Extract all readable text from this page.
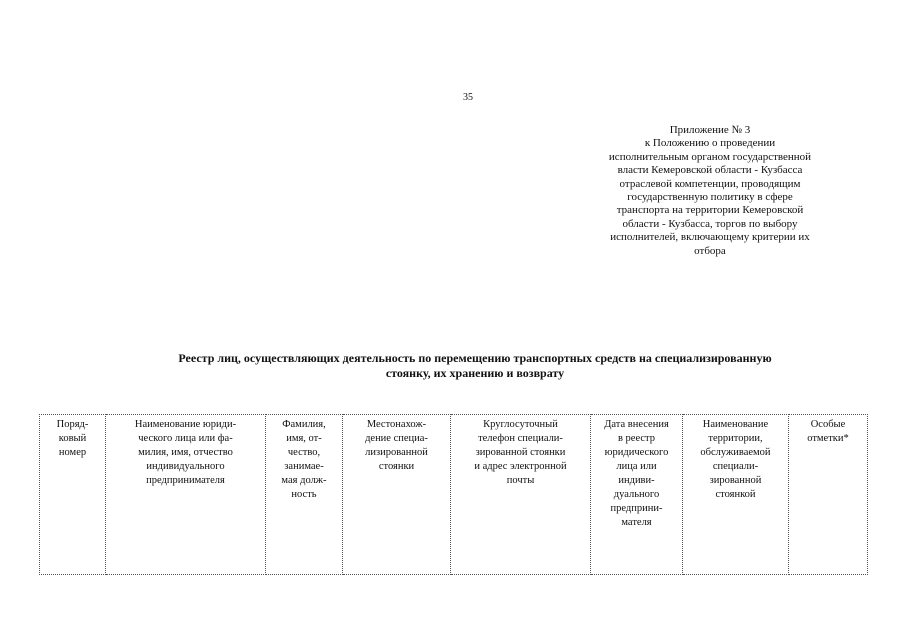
35
Приложение № 3
к Положению о проведении
исполнительным органом государственной
власти Кемеровской области - Кузбасса
отраслевой компетенции, проводящим
государственную политику в сфере
транспорта на территории Кемеровской
области - Кузбасса, торгов по выбору
исполнителей, включающему критерии их
отбора
Реестр лиц, осуществляющих деятельность по перемещению транспортных средств на специализированную
стоянку, их хранению и возврату
Поряд-
ковый
номер	Наименование юриди-
ческого лица или фа-
милия, имя, отчество
индивидуального
предпринимателя	Фамилия,
имя, от-
чество,
занимае-
мая долж-
ность	Местонахож-
дение специа-
лизированной
стоянки	Круглосуточный
телефон специали-
зированной стоянки
и адрес электронной
почты	Дата внесения
в реестр
юридического
лица или
индиви-
дуального
предприни-
мателя	Наименование
территории,
обслуживаемой
специали-
зированной
стоянкой	Особые
отметки*
